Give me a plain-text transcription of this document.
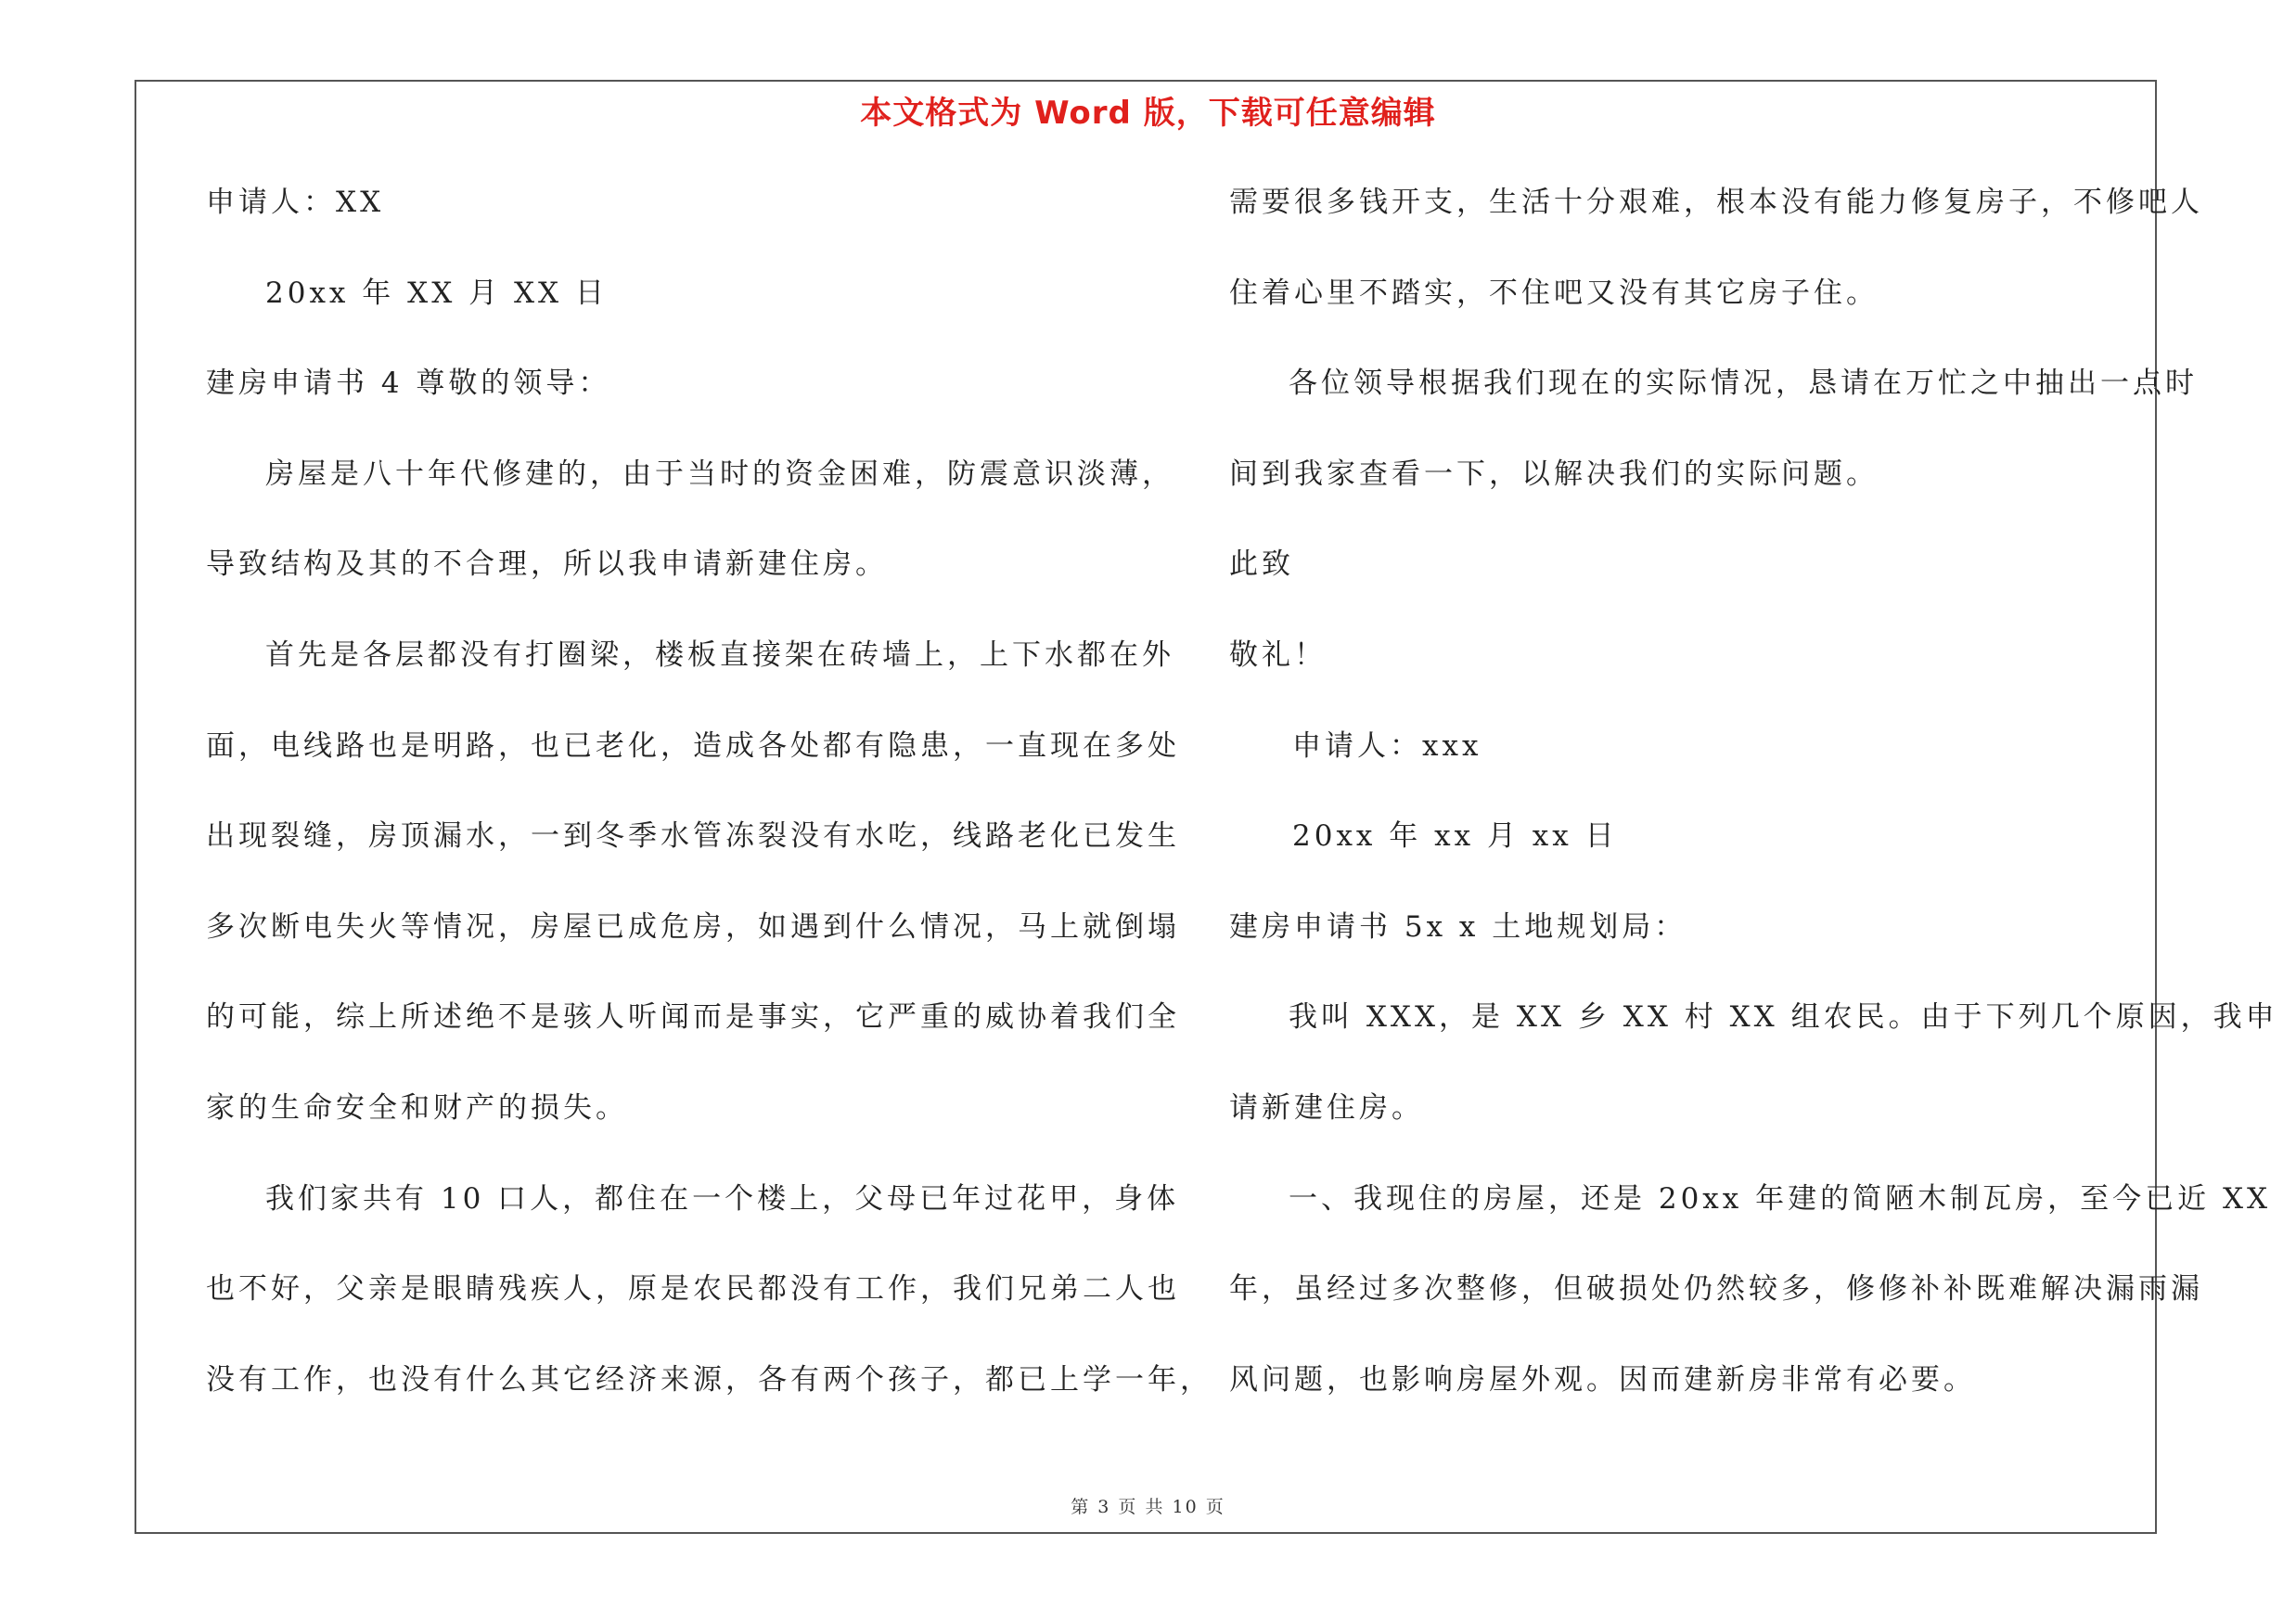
本文格式为 Word 版，下载可任意编辑
申请人：XX
20xx 年 XX 月 XX 日
建房申请书 4 尊敬的领导：
房屋是八十年代修建的，由于当时的资金困难，防震意识淡薄，
导致结构及其的不合理，所以我申请新建住房。
首先是各层都没有打圈梁，楼板直接架在砖墙上，上下水都在外
面，电线路也是明路，也已老化，造成各处都有隐患，一直现在多处
出现裂缝，房顶漏水，一到冬季水管冻裂没有水吃，线路老化已发生
多次断电失火等情况，房屋已成危房，如遇到什么情况，马上就倒塌
的可能，综上所述绝不是骇人听闻而是事实，它严重的威协着我们全
家的生命安全和财产的损失。
我们家共有 10 口人，都住在一个楼上，父母已年过花甲，身体
也不好，父亲是眼睛残疾人，原是农民都没有工作，我们兄弟二人也
没有工作，也没有什么其它经济来源，各有两个孩子，都已上学一年，
需要很多钱开支，生活十分艰难，根本没有能力修复房子，不修吧人
住着心里不踏实，不住吧又没有其它房子住。
各位领导根据我们现在的实际情况，恳请在万忙之中抽出一点时
间到我家查看一下，以解决我们的实际问题。
此致
敬礼！
申请人：xxx
20xx 年 xx 月 xx 日
建房申请书 5x x 土地规划局：
我叫 XXX，是 XX 乡 XX 村 XX 组农民。由于下列几个原因，我申
请新建住房。
一、我现住的房屋，还是 20xx 年建的简陋木制瓦房，至今已近 XX
年，虽经过多次整修，但破损处仍然较多，修修补补既难解决漏雨漏
风问题，也影响房屋外观。因而建新房非常有必要。
第 3 页 共 10 页
